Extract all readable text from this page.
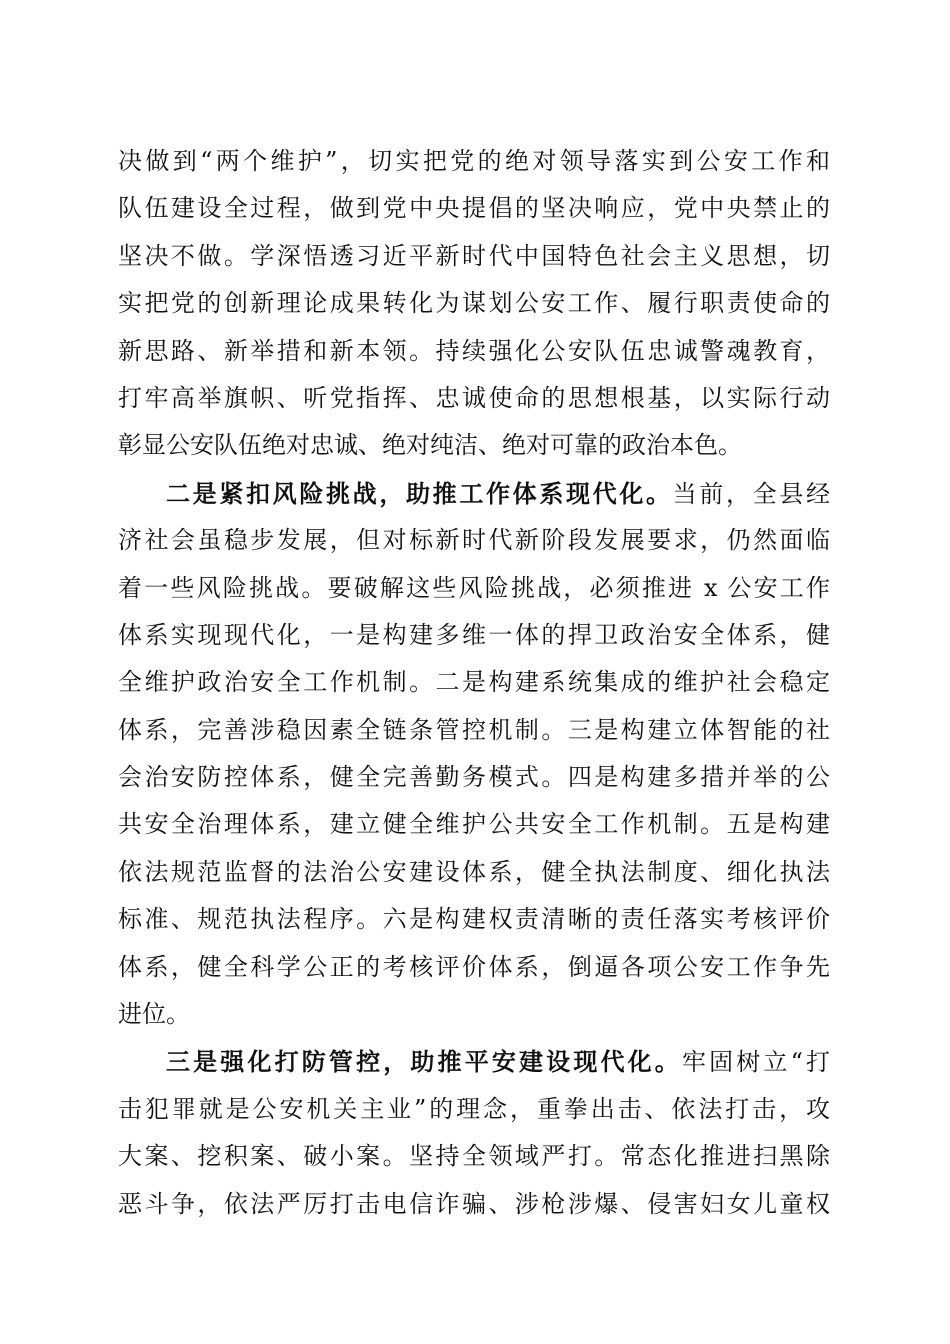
决做到“两个维护”，切实把党的绝对领导落实到公安工作和
队伍建设全过程，做到党中央提倡的坚决响应，党中央禁止的
坚决不做。学深悟透习近平新时代中国特色社会主义思想，切
实把党的创新理论成果转化为谋划公安工作、履行职责使命的
新思路、新举措和新本领。持续强化公安队伍忠诚警魂教育，
打牢高举旗帜、听党指挥、忠诚使命的思想根基，以实际行动
彰显公安队伍绝对忠诚、绝对纯洁、绝对可靠的政治本色。
二是紧扣风险挑战，助推工作体系现代化。当前，全县经
济社会虽稳步发展，但对标新时代新阶段发展要求，仍然面临
着一些风险挑战。要破解这些风险挑战，必须推进 x 公安工作
体系实现现代化，一是构建多维一体的捍卫政治安全体系，健
全维护政治安全工作机制。二是构建系统集成的维护社会稳定
体系，完善涉稳因素全链条管控机制。三是构建立体智能的社
会治安防控体系，健全完善勤务模式。四是构建多措并举的公
共安全治理体系，建立健全维护公共安全工作机制。五是构建
依法规范监督的法治公安建设体系，健全执法制度、细化执法
标准、规范执法程序。六是构建权责清晰的责任落实考核评价
体系，健全科学公正的考核评价体系，倒逼各项公安工作争先
进位。
三是强化打防管控，助推平安建设现代化。牢固树立“打
击犯罪就是公安机关主业”的理念，重拳出击、依法打击，攻
大案、挖积案、破小案。坚持全领域严打。常态化推进扫黑除
恶斗争，依法严厉打击电信诈骗、涉枪涉爆、侵害妇女儿童权
